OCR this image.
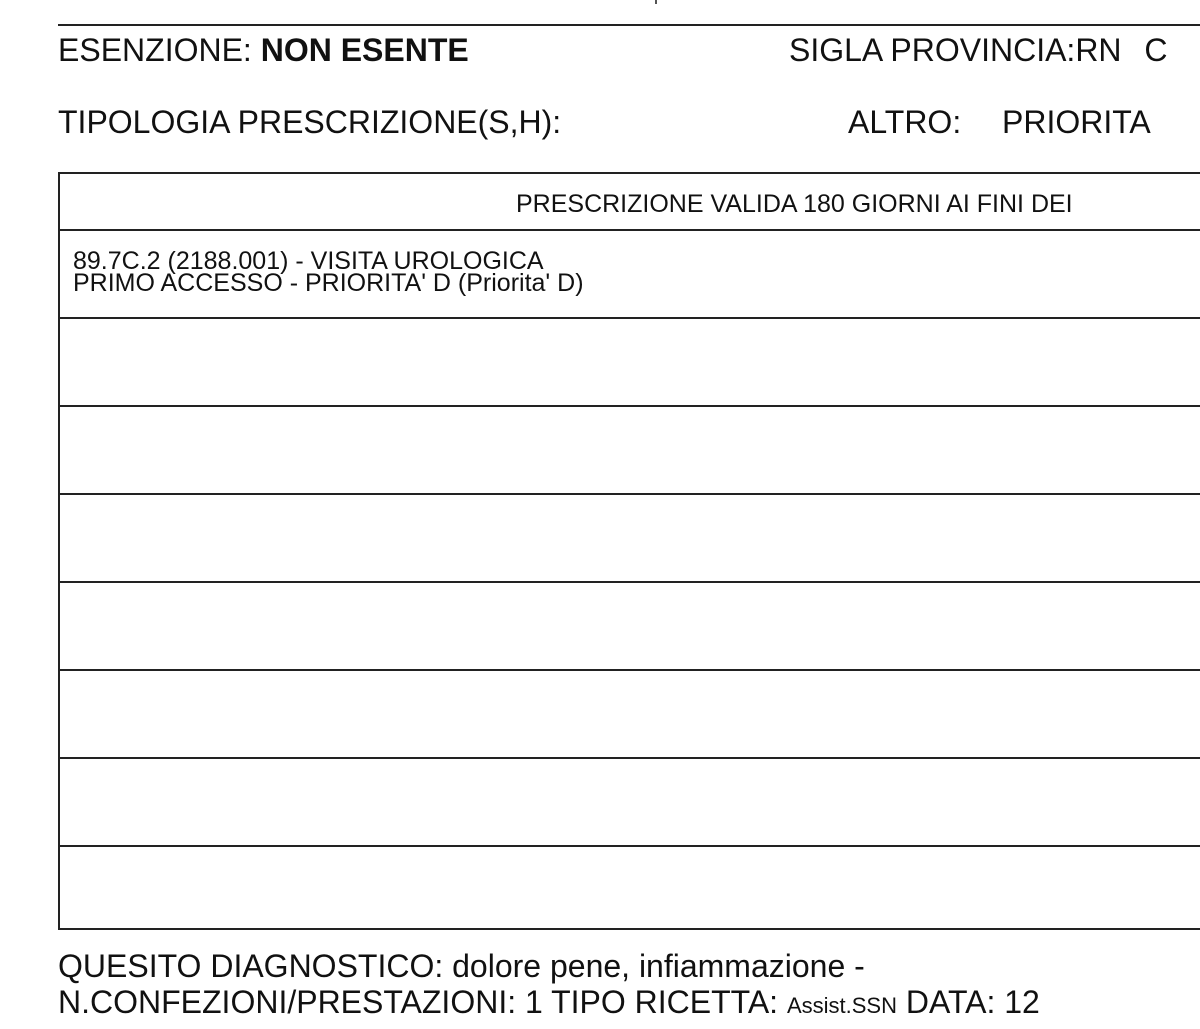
ESENZIONE: NON ESENTE	SIGLA PROVINCIA:RN C
TIPOLOGIA PRESCRIZIONE(S,H):	ALTRO: PRIORITA
PRESCRIZIONE VALIDA 180 GIORNI AI FINI DEI
89.7C.2 (2188.001) - VISITA UROLOGICA
PRIMO ACCESSO - PRIORITA' D (Priorita' D)
QUESITO DIAGNOSTICO: dolore pene, infiammazione -
N.CONFEZIONI/PRESTAZIONI: 1 TIPO RICETTA: Assist.SSN DATA: 12
